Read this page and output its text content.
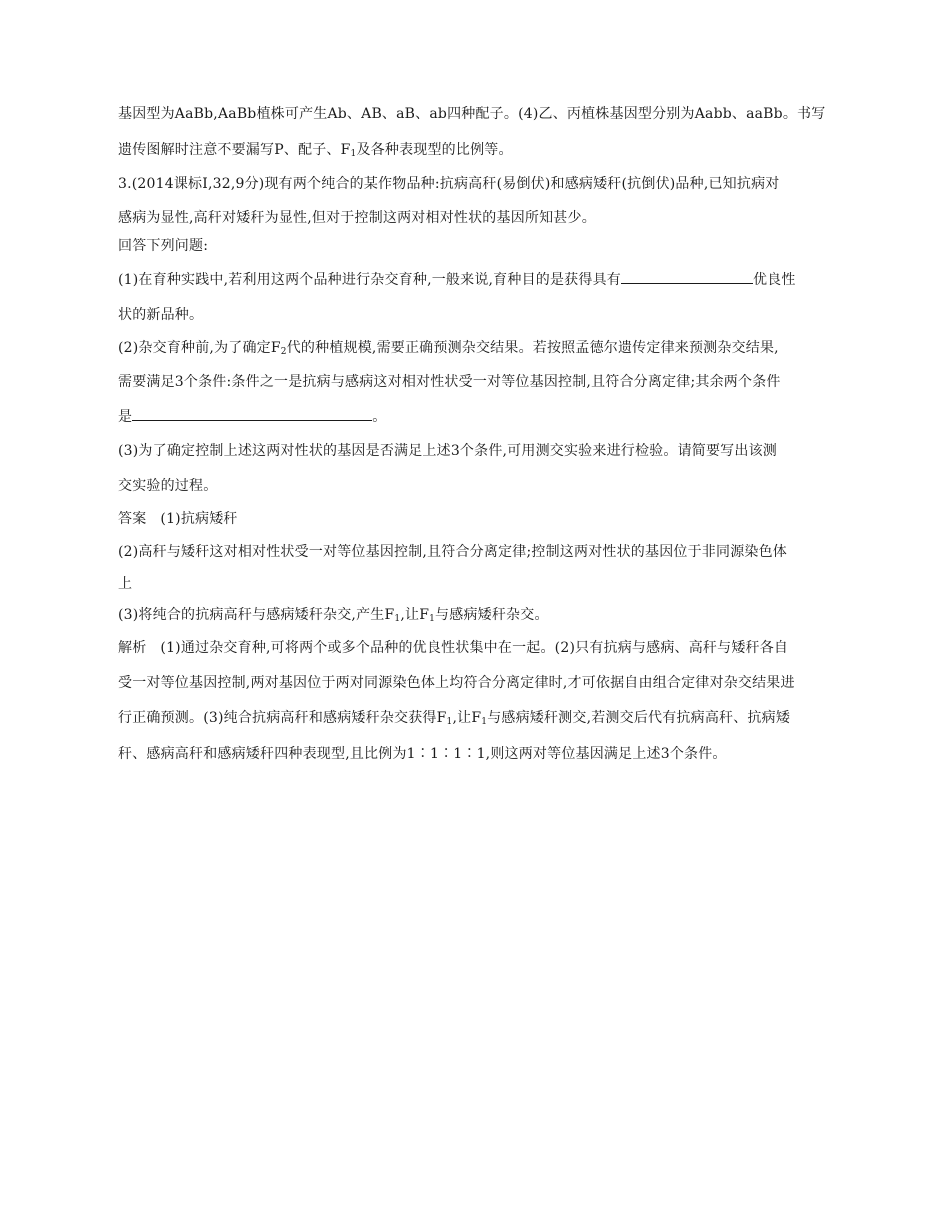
基因型为AaBb,AaBb植株可产生Ab、AB、aB、ab四种配子。(4)乙、丙植株基因型分别为Aabb、aaBb。书写
遗传图解时注意不要漏写P、配子、$F_1$及各种表现型的比例等。
3.(2014课标Ⅰ,32,9分)现有两个纯合的某作物品种:抗病高秆(易倒伏)和感病矮秆(抗倒伏)品种,已知抗病对
感病为显性,高秆对矮秆为显性,但对于控制这两对相对性状的基因所知甚少。
回答下列问题:
(1)在育种实践中,若利用这两个品种进行杂交育种,一般来说,育种目的是获得具有	优良性
状的新品种。
(2)杂交育种前,为了确定$F_2$代的种植规模,需要正确预测杂交结果。若按照孟德尔遗传定律来预测杂交结果,
需要满足3个条件:条件之一是抗病与感病这对相对性状受一对等位基因控制,且符合分离定律;其余两个条件
是	。
(3)为了确定控制上述这两对性状的基因是否满足上述3个条件,可用测交实验来进行检验。请简要写出该测
交实验的过程。
答案 (1)抗病矮秆
(2)高秆与矮秆这对相对性状受一对等位基因控制,且符合分离定律;控制这两对性状的基因位于非同源染色体
上
(3)将纯合的抗病高秆与感病矮秆杂交,产生$F_1$,让$F_1$与感病矮秆杂交。
解析 (1)通过杂交育种,可将两个或多个品种的优良性状集中在一起。(2)只有抗病与感病、高秆与矮秆各自
受一对等位基因控制,两对基因位于两对同源染色体上均符合分离定律时,才可依据自由组合定律对杂交结果进
行正确预测。(3)纯合抗病高秆和感病矮秆杂交获得$F_1$,让$F_1$与感病矮秆测交,若测交后代有抗病高秆、抗病矮
秆、感病高秆和感病矮秆四种表现型,且比例为1∶1∶1∶1,则这两对等位基因满足上述3个条件。
